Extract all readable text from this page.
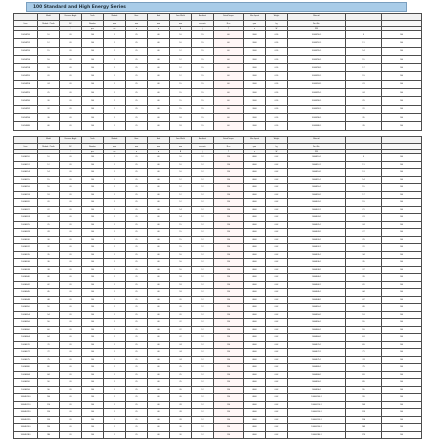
100 Standard and High Energy Series
	Model	Pressure Angle	Teeth	Module	Bore	Hub	Face Width	Backlash	Rated Torque	Max Speed	Weight	Material		
Item	Module / Teeth	20°	Number	mm	mm	mm	mm	arc-min	N·m	rpm	kg	Part No.		
		°	pcs	m	ø	ø	B	j	T	n	W	P/N		
100SM10	10	20	100	1	25	40	10	15	60	3000	0.55	100SM10-1	9	100
100SM12	12	20	100	1	25	40	10	15	60	3000	0.55	100SM12-1	11	100
100SM15	15	20	100	1	25	40	12	15	60	3000	0.55	100SM15-1	14	100
100SM16	16	20	100	1	25	40	12	15	60	3000	0.55	100SM16-1	15	100
100SM18	18	20	100	1	25	40	12	15	60	3000	0.55	100SM18-1	17	100
100SM20	20	20	100	1	25	40	12	15	60	3000	0.55	100SM20-1	19	100
100SM24	24	20	100	1	25	40	15	15	60	3000	0.55	100SM24-1	23	100
100SM25	25	20	100	1	25	40	15	15	60	3000	0.55	100SM25-1	24	100
100SM30	30	20	100	1	25	40	15	15	60	3000	0.55	100SM30-1	29	100
100SM32	32	20	100	1	25	40	15	15	60	3000	0.55	100SM32-1	31	100
100SM36	36	20	100	1	25	40	18	15	60	3000	0.55	100SM36-1	35	100
100SM40	40	20	100	1	25	40	18	15	60	3000	0.55	100SM40-1	39	100
	Model	Pressure Angle	Teeth	Module	Bore	Hub	Face Width	Backlash	Rated Torque	Max Speed	Weight	Material		
Item	Module / Teeth	20°	Number	mm	mm	mm	mm	arc-min	N·m	rpm	kg	Part No.		
		°	pcs	m	ø	ø	B	j	T	n	W	P/N		
100HE10	10	20	100	1	25	40	10	12	120	4000	0.62	100HE10-1	9	100
100HE12	12	20	100	1	25	40	10	12	120	4000	0.62	100HE12-1	11	100
100HE14	14	20	100	1	25	40	10	12	120	4000	0.62	100HE14-1	13	100
100HE15	15	20	100	1	25	40	12	12	120	4000	0.62	100HE15-1	14	100
100HE16	16	20	100	1	25	40	12	12	120	4000	0.62	100HE16-1	15	100
100HE18	18	20	100	1	25	40	12	12	120	4000	0.62	100HE18-1	17	100
100HE20	20	20	100	1	25	40	12	12	120	4000	0.62	100HE20-1	19	100
100HE22	22	20	100	1	25	40	14	12	120	4000	0.62	100HE22-1	21	100
100HE24	24	20	100	1	25	40	14	12	120	4000	0.62	100HE24-1	23	100
100HE25	25	20	100	1	25	40	15	12	120	4000	0.62	100HE25-1	24	100
100HE28	28	20	100	1	25	40	15	12	120	4000	0.62	100HE28-1	27	100
100HE30	30	20	100	1	25	40	15	12	120	4000	0.62	100HE30-1	29	100
100HE32	32	20	100	1	25	40	15	12	120	4000	0.62	100HE32-1	31	100
100HE35	35	20	100	1	25	40	16	12	120	4000	0.62	100HE35-1	34	100
100HE36	36	20	100	1	25	40	16	12	120	4000	0.62	100HE36-1	35	100
100HE38	38	20	100	1	25	40	16	12	120	4000	0.62	100HE38-1	37	100
100HE40	40	20	100	1	25	40	18	12	120	4000	0.62	100HE40-1	39	100
100HE42	42	20	100	1	25	40	18	12	120	4000	0.62	100HE42-1	41	100
100HE45	45	20	100	1	25	40	18	12	120	4000	0.62	100HE45-1	44	100
100HE48	48	20	100	1	25	40	20	12	120	4000	0.62	100HE48-1	47	100
100HE50	50	20	100	1	25	40	20	12	120	4000	0.62	100HE50-1	49	100
100HE54	54	20	100	1	25	40	20	12	120	4000	0.62	100HE54-1	53	100
100HE56	56	20	100	1	25	40	22	12	120	4000	0.62	100HE56-1	55	100
100HE60	60	20	100	1	25	40	22	12	120	4000	0.62	100HE60-1	59	100
100HE64	64	20	100	1	25	40	22	12	120	4000	0.62	100HE64-1	63	100
100HE70	70	20	100	1	25	40	24	12	120	4000	0.62	100HE70-1	69	100
100HE72	72	20	100	1	25	40	24	12	120	4000	0.62	100HE72-1	71	100
100HE75	75	20	100	1	25	40	24	12	120	4000	0.62	100HE75-1	74	100
100HE80	80	20	100	1	25	40	25	12	120	4000	0.62	100HE80-1	79	100
100HE84	84	20	100	1	25	40	25	12	120	4000	0.62	100HE84-1	83	100
100HE90	90	20	100	1	25	40	25	12	120	4000	0.62	100HE90-1	89	100
100HE96	96	20	100	1	25	40	26	12	120	4000	0.62	100HE96-1	95	100
100HE100	100	20	100	1	25	40	26	12	120	4000	0.62	100HE100-1	99	100
100HE110	110	20	100	1	25	40	28	12	120	4000	0.62	100HE110-1	109	100
100HE120	120	20	100	1	25	40	28	12	120	4000	0.62	100HE120-1	119	100
100HE125	125	20	100	1	25	40	28	12	120	4000	0.62	100HE125-1	124	100
100HE150	150	20	100	1	25	40	30	12	120	4000	0.62	100HE150-1	149	100
100HE180	180	20	100	1	25	40	30	12	120	4000	0.62	100HE180-1	179	100
